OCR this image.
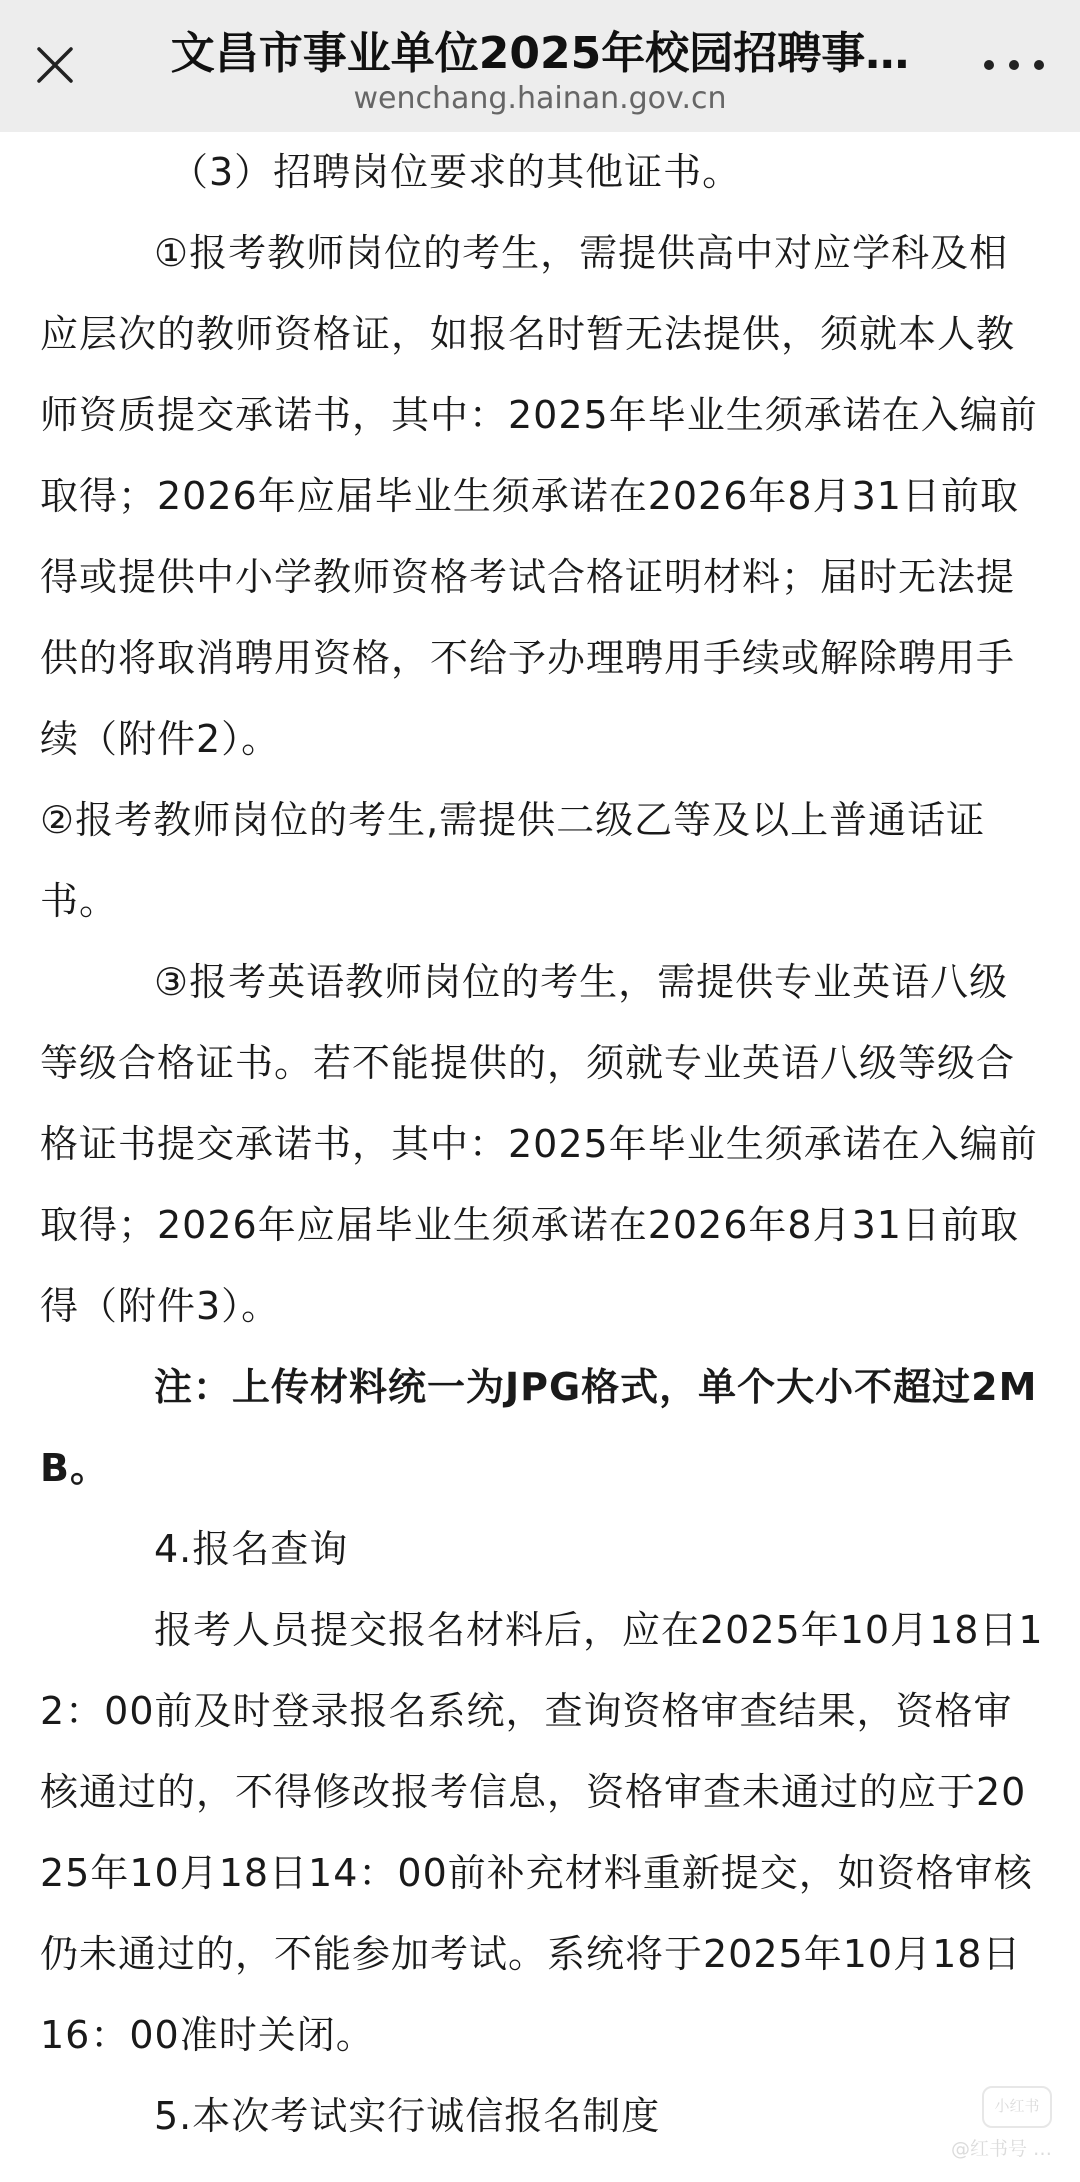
文昌市事业单位2025年校园招聘事…
wenchang.hainan.gov.cn

（3）招聘岗位要求的其他证书。

①报考教师岗位的考生，需提供高中对应学科及相应层次的教师资格证，如报名时暂无法提供，须就本人教师资质提交承诺书，其中：2025年毕业生须承诺在入编前取得；2026年应届毕业生须承诺在2026年8月31日前取得或提供中小学教师资格考试合格证明材料；届时无法提供的将取消聘用资格，不给予办理聘用手续或解除聘用手续（附件2）。

②报考教师岗位的考生,需提供二级乙等及以上普通话证书。

③报考英语教师岗位的考生，需提供专业英语八级等级合格证书。若不能提供的，须就专业英语八级等级合格证书提交承诺书，其中：2025年毕业生须承诺在入编前取得；2026年应届毕业生须承诺在2026年8月31日前取得（附件3）。

注：上传材料统一为JPG格式，单个大小不超过2MB。

4.报名查询

报考人员提交报名材料后，应在2025年10月18日12：00前及时登录报名系统，查询资格审查结果，资格审核通过的，不得修改报考信息，资格审查未通过的应于2025年10月18日14：00前补充材料重新提交，如资格审核仍未通过的，不能参加考试。系统将于2025年10月18日16：00准时关闭。

5.本次考试实行诚信报名制度	小红书
@红书号 …
